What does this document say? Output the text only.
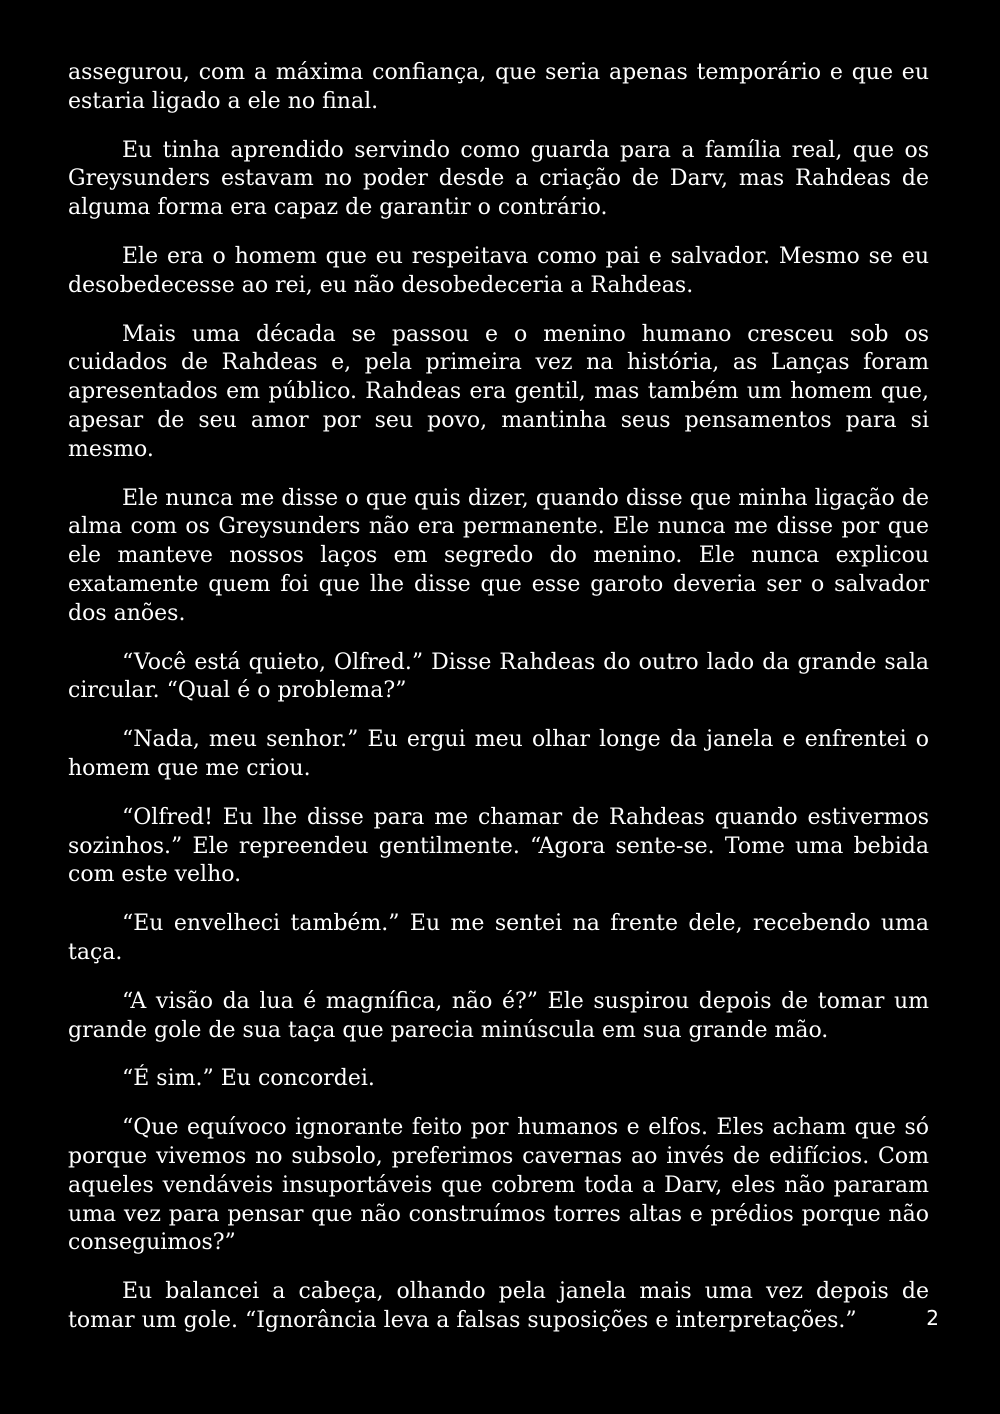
assegurou, com a máxima confiança, que seria apenas temporário e que eu estaria ligado a ele no final.

Eu tinha aprendido servindo como guarda para a família real, que os Greysunders estavam no poder desde a criação de Darv, mas Rahdeas de alguma forma era capaz de garantir o contrário.

Ele era o homem que eu respeitava como pai e salvador. Mesmo se eu desobedecesse ao rei, eu não desobedeceria a Rahdeas.

Mais uma década se passou e o menino humano cresceu sob os cuidados de Rahdeas e, pela primeira vez na história, as Lanças foram apresentados em público. Rahdeas era gentil, mas também um homem que, apesar de seu amor por seu povo, mantinha seus pensamentos para si mesmo.

Ele nunca me disse o que quis dizer, quando disse que minha ligação de alma com os Greysunders não era permanente. Ele nunca me disse por que ele manteve nossos laços em segredo do menino. Ele nunca explicou exatamente quem foi que lhe disse que esse garoto deveria ser o salvador dos anões.

“Você está quieto, Olfred.” Disse Rahdeas do outro lado da grande sala circular. “Qual é o problema?”

“Nada, meu senhor.” Eu ergui meu olhar longe da janela e enfrentei o homem que me criou.

“Olfred! Eu lhe disse para me chamar de Rahdeas quando estivermos sozinhos.” Ele repreendeu gentilmente. “Agora sente-se. Tome uma bebida com este velho.

“Eu envelheci também.” Eu me sentei na frente dele, recebendo uma taça.

“A visão da lua é magnífica, não é?” Ele suspirou depois de tomar um grande gole de sua taça que parecia minúscula em sua grande mão.

“É sim.” Eu concordei.

“Que equívoco ignorante feito por humanos e elfos. Eles acham que só porque vivemos no subsolo, preferimos cavernas ao invés de edifícios. Com aqueles vendáveis insuportáveis que cobrem toda a Darv, eles não pararam uma vez para pensar que não construímos torres altas e prédios porque não conseguimos?”

Eu balancei a cabeça, olhando pela janela mais uma vez depois de tomar um gole. “Ignorância leva a falsas suposições e interpretações.”	2
